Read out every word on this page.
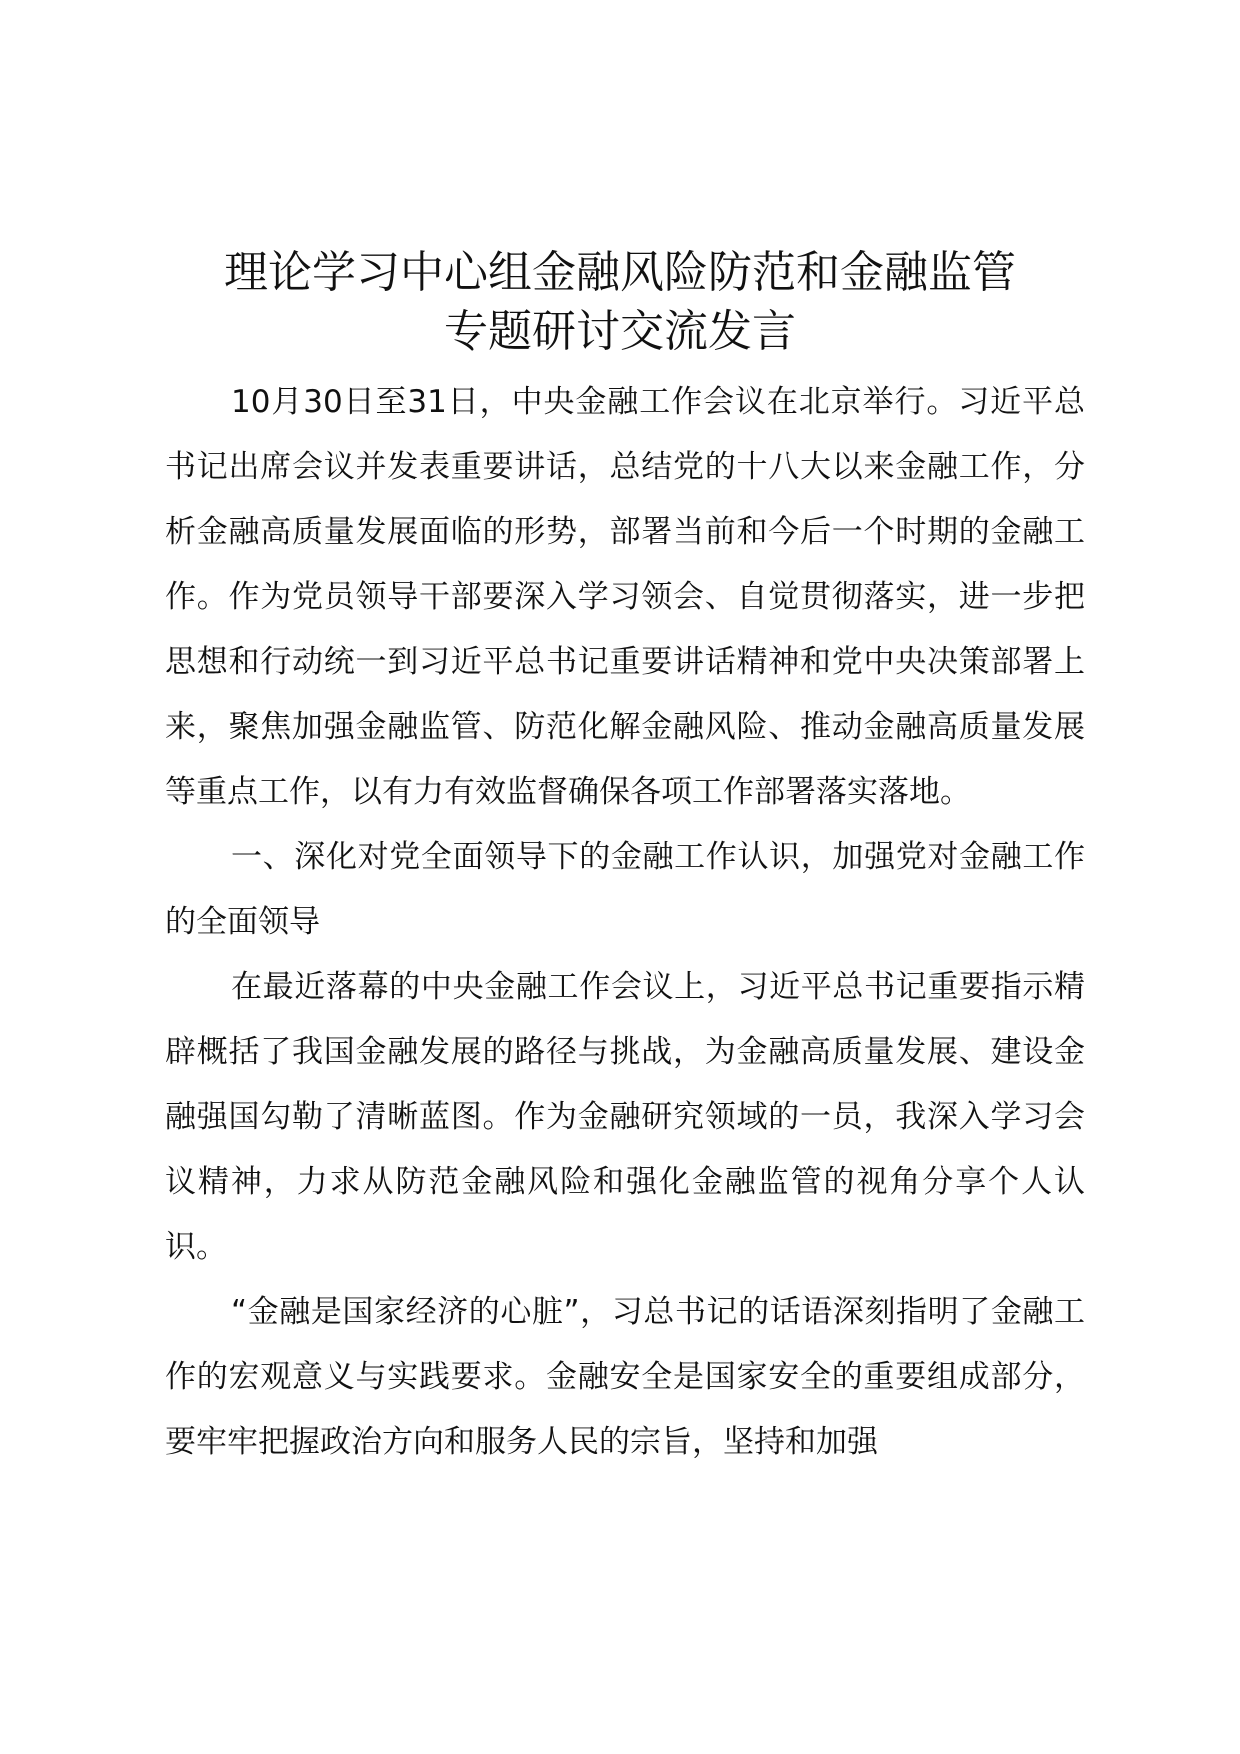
理论学习中心组金融风险防范和金融监管
专题研讨交流发言

10月30日至31日，中央金融工作会议在北京举行。习近平总书记出席会议并发表重要讲话，总结党的十八大以来金融工作，分析金融高质量发展面临的形势，部署当前和今后一个时期的金融工作。作为党员领导干部要深入学习领会、自觉贯彻落实，进一步把思想和行动统一到习近平总书记重要讲话精神和党中央决策部署上来，聚焦加强金融监管、防范化解金融风险、推动金融高质量发展等重点工作，以有力有效监督确保各项工作部署落实落地。

一、深化对党全面领导下的金融工作认识，加强党对金融工作的全面领导

在最近落幕的中央金融工作会议上，习近平总书记重要指示精辟概括了我国金融发展的路径与挑战，为金融高质量发展、建设金融强国勾勒了清晰蓝图。作为金融研究领域的一员，我深入学习会议精神，力求从防范金融风险和强化金融监管的视角分享个人认识。

“金融是国家经济的心脏”，习总书记的话语深刻指明了金融工作的宏观意义与实践要求。金融安全是国家安全的重要组成部分，要牢牢把握政治方向和服务人民的宗旨，坚持和加强
